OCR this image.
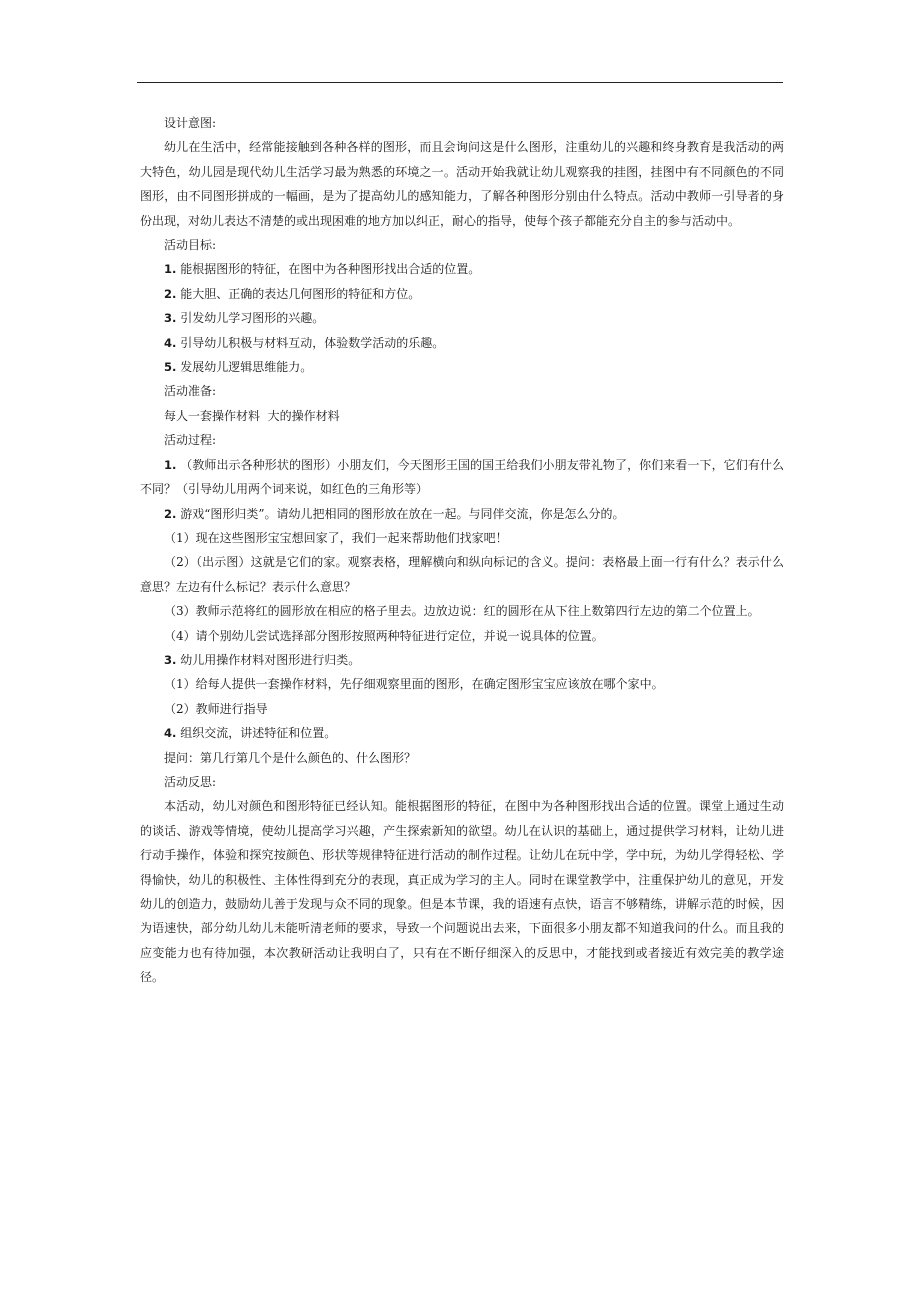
设计意图:

幼儿在生活中，经常能接触到各种各样的图形，而且会询问这是什么图形，注重幼儿的兴趣和终身教育是我活动的两大特色，幼儿园是现代幼儿生活学习最为熟悉的环境之一。活动开始我就让幼儿观察我的挂图，挂图中有不同颜色的不同图形，由不同图形拼成的一幅画，是为了提高幼儿的感知能力，了解各种图形分别由什么特点。活动中教师一引导者的身份出现，对幼儿表达不清楚的或出现困难的地方加以纠正，耐心的指导，使每个孩子都能充分自主的参与活动中。

活动目标:

1. 能根据图形的特征，在图中为各种图形找出合适的位置。

2. 能大胆、正确的表达几何图形的特征和方位。

3. 引发幼儿学习图形的兴趣。

4. 引导幼儿积极与材料互动，体验数学活动的乐趣。

5. 发展幼儿逻辑思维能力。

活动准备:

每人一套操作材料  大的操作材料

活动过程:

1. （教师出示各种形状的图形）小朋友们，今天图形王国的国王给我们小朋友带礼物了，你们来看一下，它们有什么不同？（引导幼儿用两个词来说，如红色的三角形等）

2. 游戏“图形归类”。请幼儿把相同的图形放在放在一起。与同伴交流，你是怎么分的。

（1）现在这些图形宝宝想回家了，我们一起来帮助他们找家吧！

（2）（出示图）这就是它们的家。观察表格，理解横向和纵向标记的含义。提问：表格最上面一行有什么？表示什么意思？左边有什么标记？表示什么意思？

（3）教师示范将红的圆形放在相应的格子里去。边放边说：红的圆形在从下往上数第四行左边的第二个位置上。

（4）请个别幼儿尝试选择部分图形按照两种特征进行定位，并说一说具体的位置。

3. 幼儿用操作材料对图形进行归类。

（1）给每人提供一套操作材料，先仔细观察里面的图形，在确定图形宝宝应该放在哪个家中。

（2）教师进行指导

4. 组织交流，讲述特征和位置。

提问：第几行第几个是什么颜色的、什么图形？

活动反思:

本活动，幼儿对颜色和图形特征已经认知。能根据图形的特征，在图中为各种图形找出合适的位置。课堂上通过生动的谈话、游戏等情境，使幼儿提高学习兴趣，产生探索新知的欲望。幼儿在认识的基础上，通过提供学习材料，让幼儿进行动手操作，体验和探究按颜色、形状等规律特征进行活动的制作过程。让幼儿在玩中学，学中玩，为幼儿学得轻松、学得愉快，幼儿的积极性、主体性得到充分的表现，真正成为学习的主人。同时在课堂教学中，注重保护幼儿的意见，开发幼儿的创造力，鼓励幼儿善于发现与众不同的现象。但是本节课，我的语速有点快，语言不够精练，讲解示范的时候，因为语速快，部分幼儿幼儿未能听清老师的要求，导致一个问题说出去来，下面很多小朋友都不知道我问的什么。而且我的应变能力也有待加强，本次教研活动让我明白了，只有在不断仔细深入的反思中，才能找到或者接近有效完美的教学途径。
